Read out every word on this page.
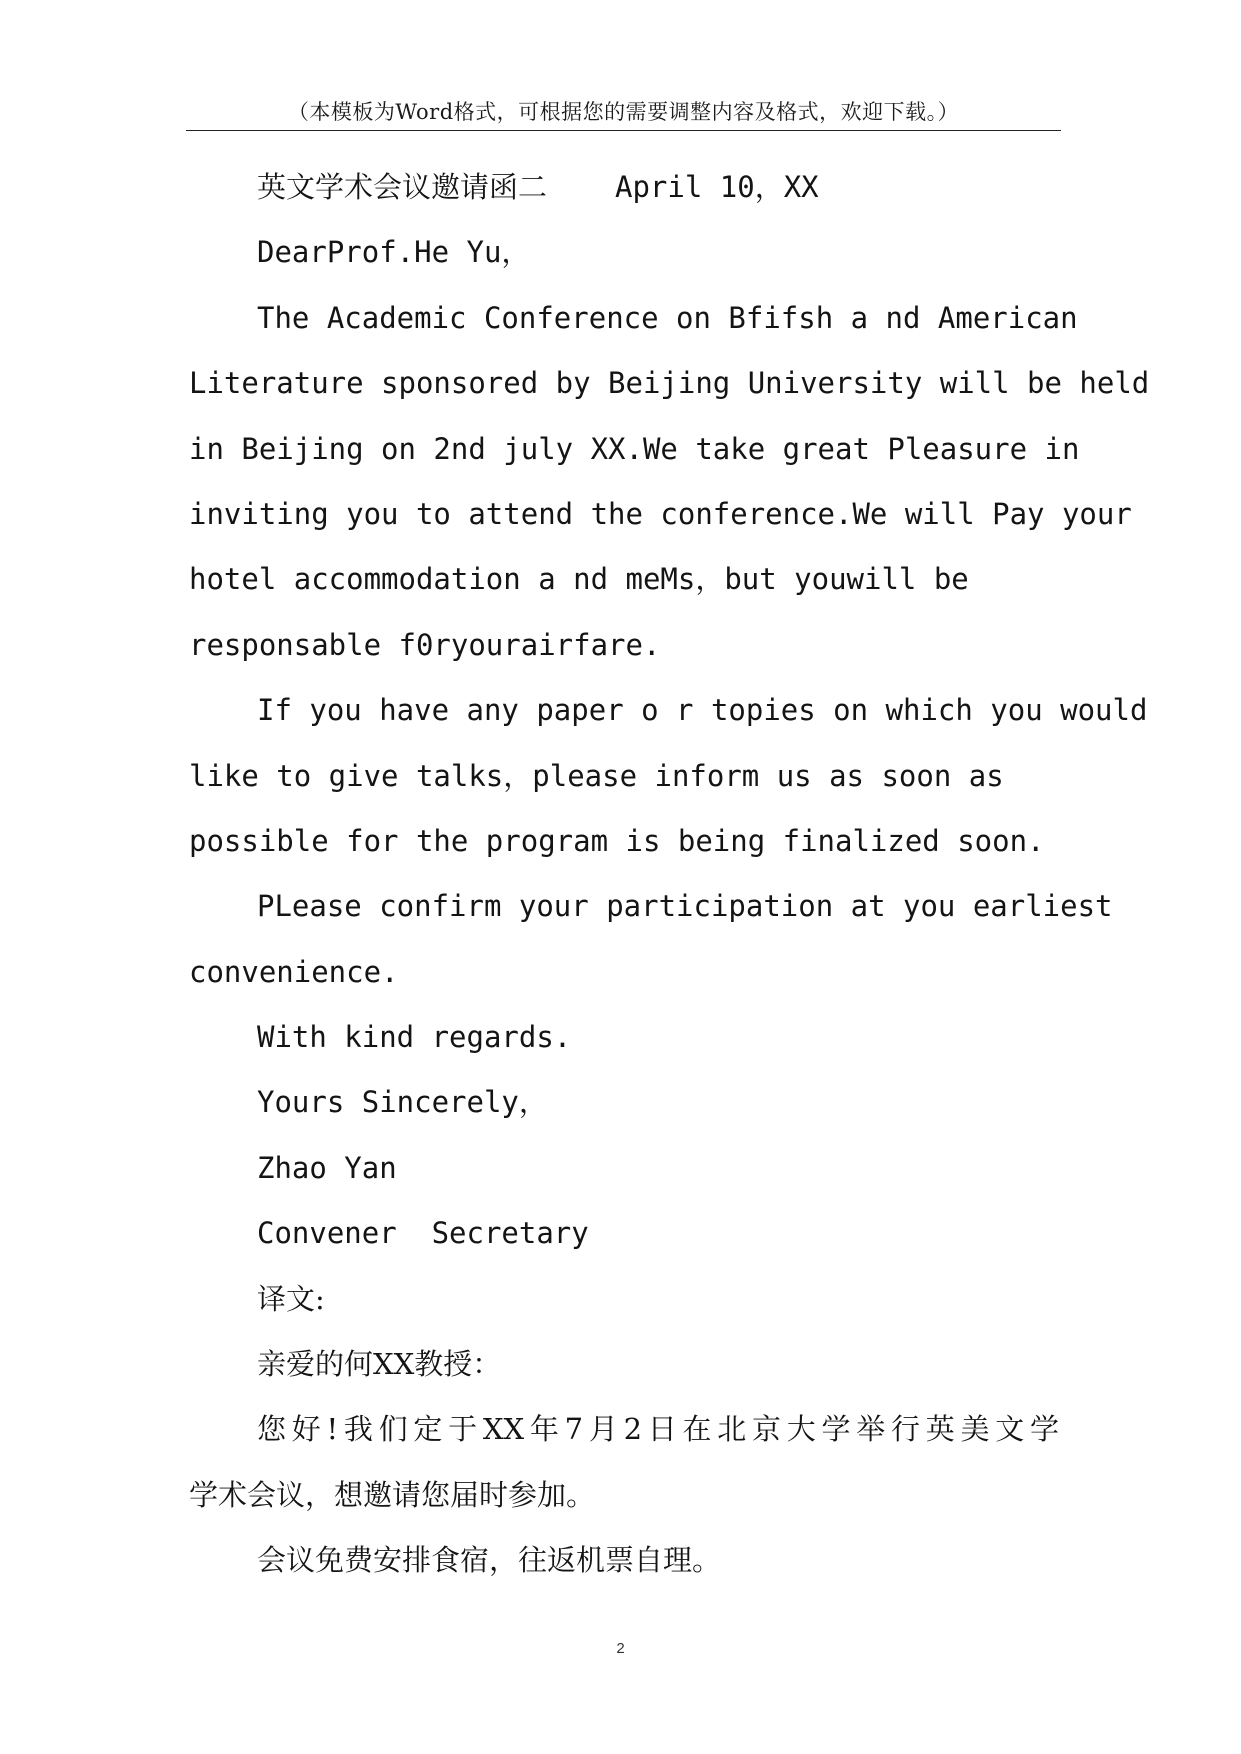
（本模板为Word格式，可根据您的需要调整内容及格式，欢迎下载。）
英文学术会议邀请函二 April 10，XX
DearProf.He Yu，
The Academic Conference on Bfifsh a nd American
Literature sponsored by Beijing University will be held
in Beijing on 2nd july XX.We take great Pleasure in
inviting you to attend the conference.We will Pay your
hotel accommodation a nd meMs，but youwill be
responsable f0ryourairfare.
If you have any paper o r topies on which you would
like to give talks，please inform us as soon as
possible for the program is being finalized soon.
PLease confirm your participation at you earliest
convenience.
With kind regards.
Yours Sincerely，
Zhao Yan
Convener  Secretary
译文:
亲爱的何XX教授：
您好!我们定于XX年7月2日在北京大学举行英美文学
学术会议，想邀请您届时参加。
会议免费安排食宿，往返机票自理。
2
